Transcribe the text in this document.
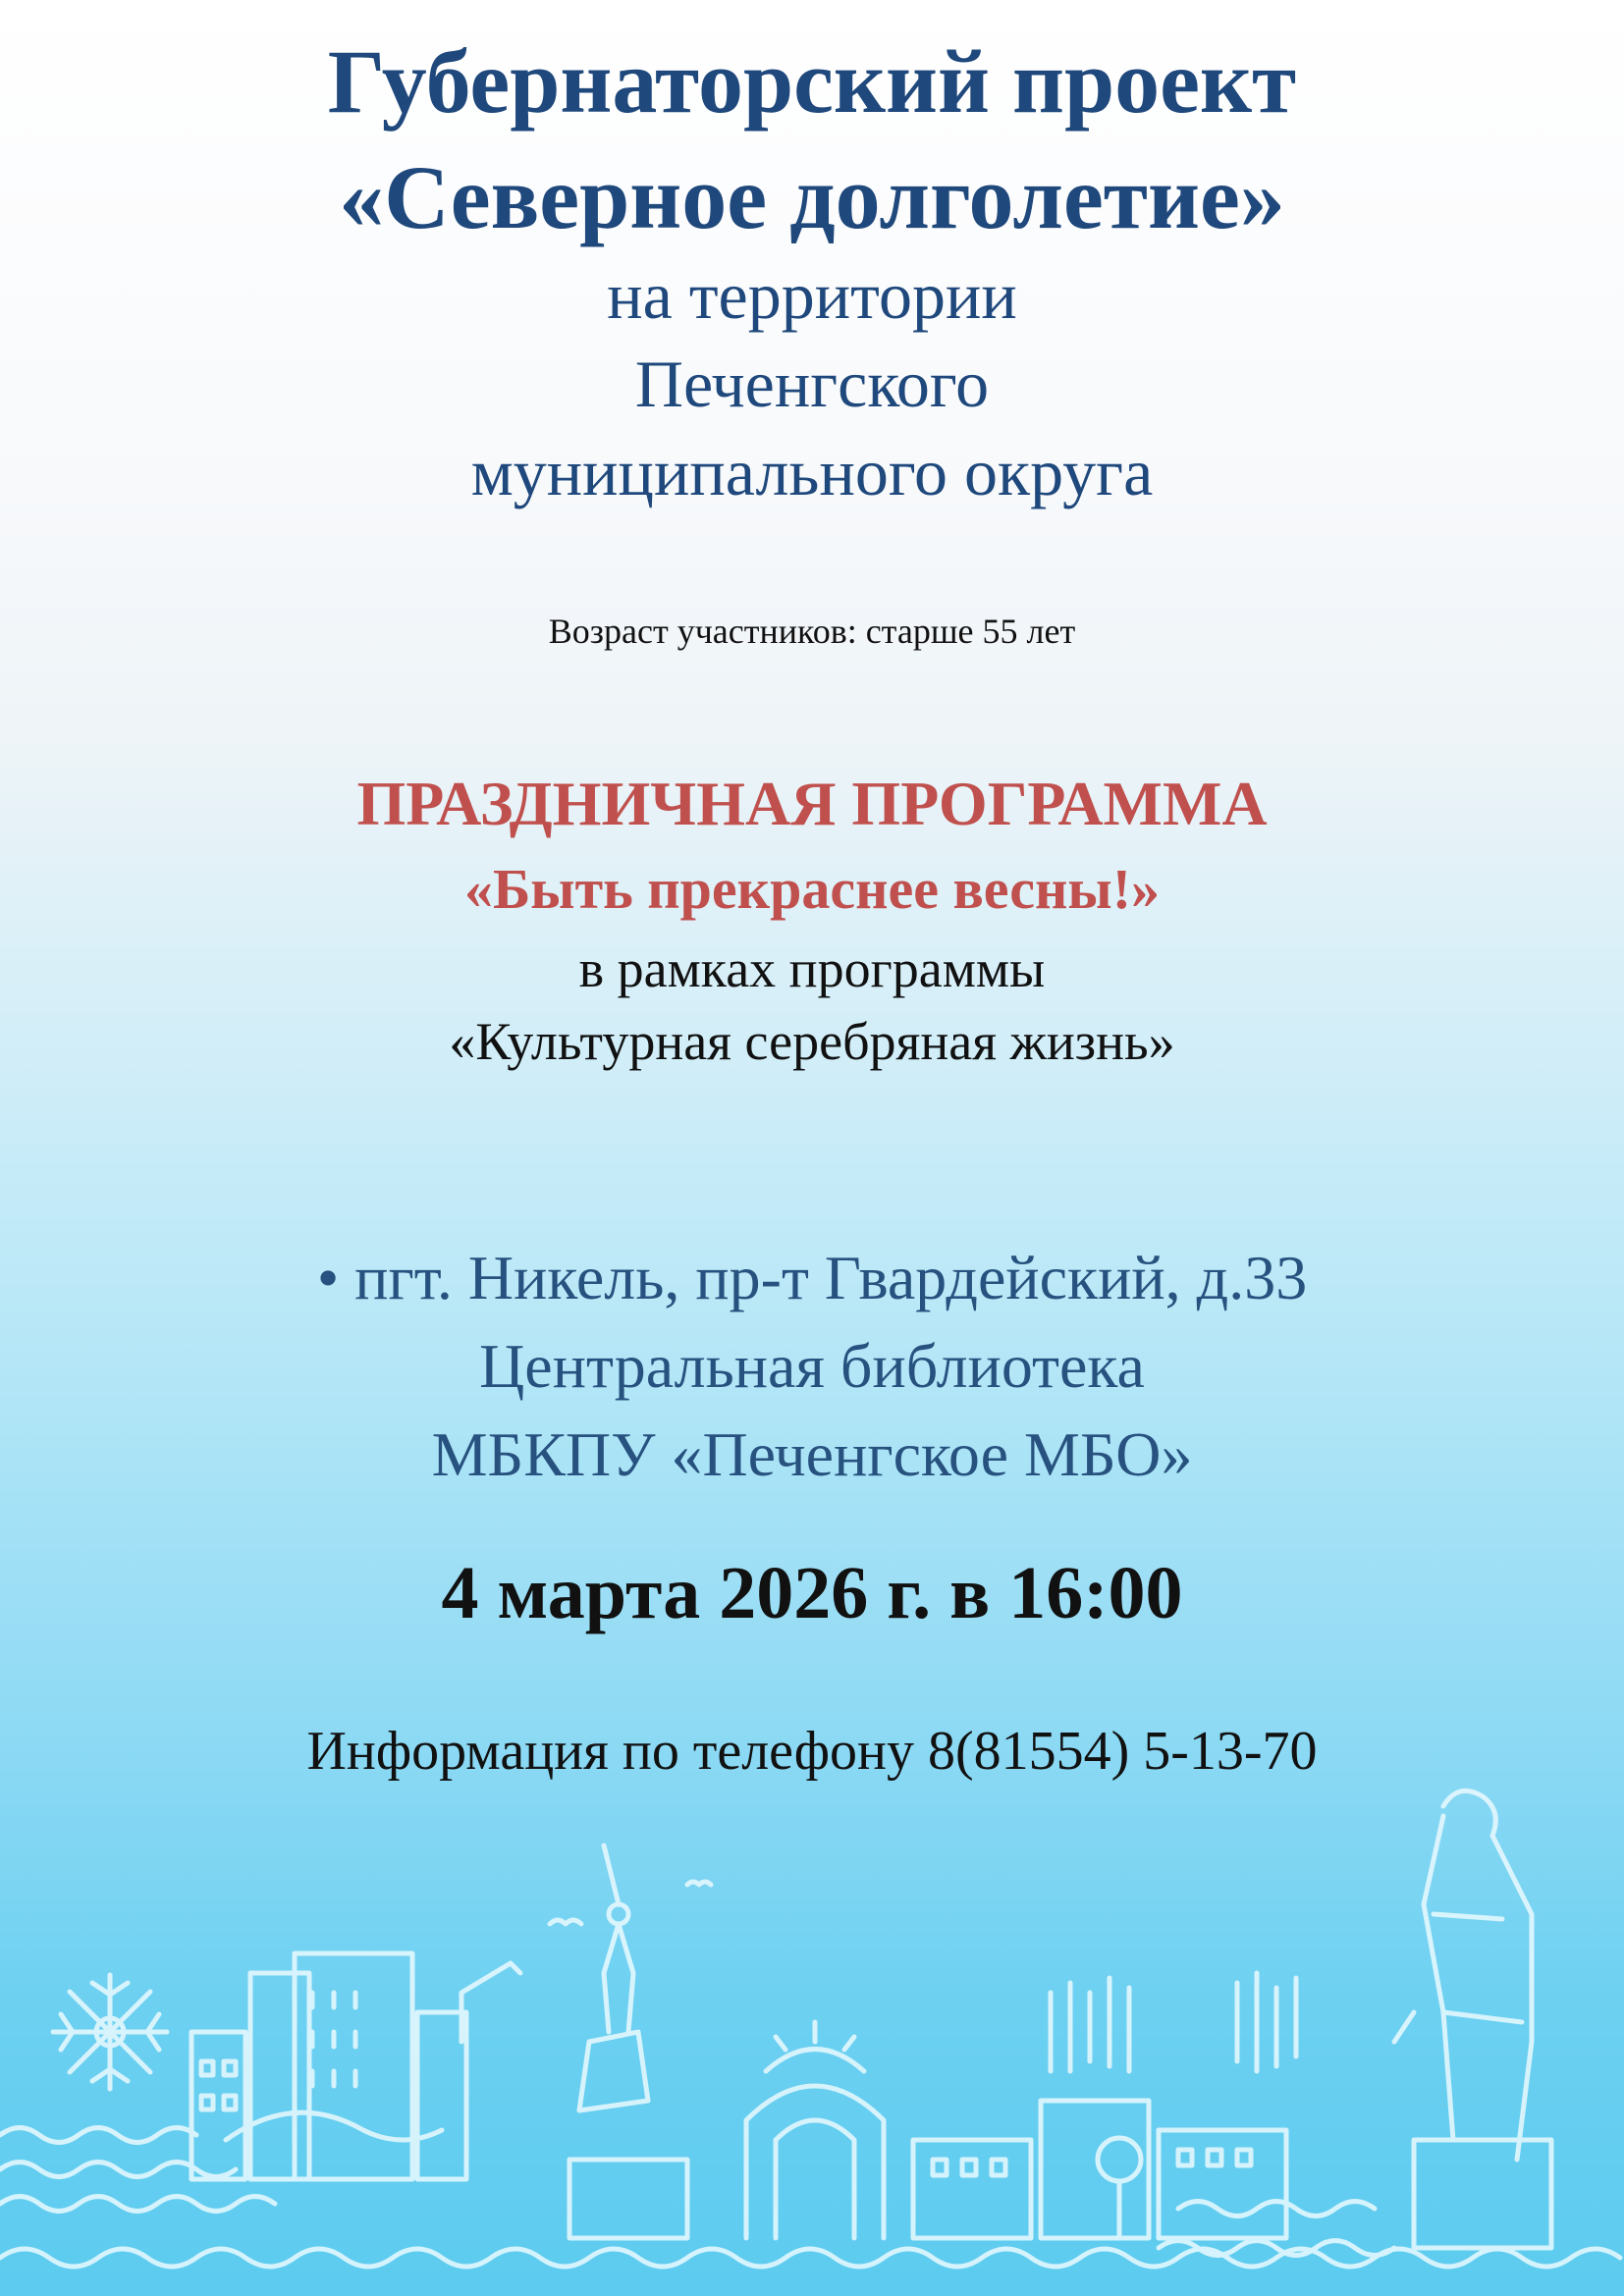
Губернаторский проект
«Северное долголетие»
на территории
Печенгского
муниципального округа
Возраст участников: старше 55 лет
ПРАЗДНИЧНАЯ ПРОГРАММА
«Быть прекраснее весны!»
в рамках программы
«Культурная серебряная жизнь»
• пгт. Никель, пр-т Гвардейский, д.33
Центральная библиотека
МБКПУ «Печенгское МБО»
4 марта 2026 г. в 16:00
Информация по телефону 8(81554) 5-13-70
